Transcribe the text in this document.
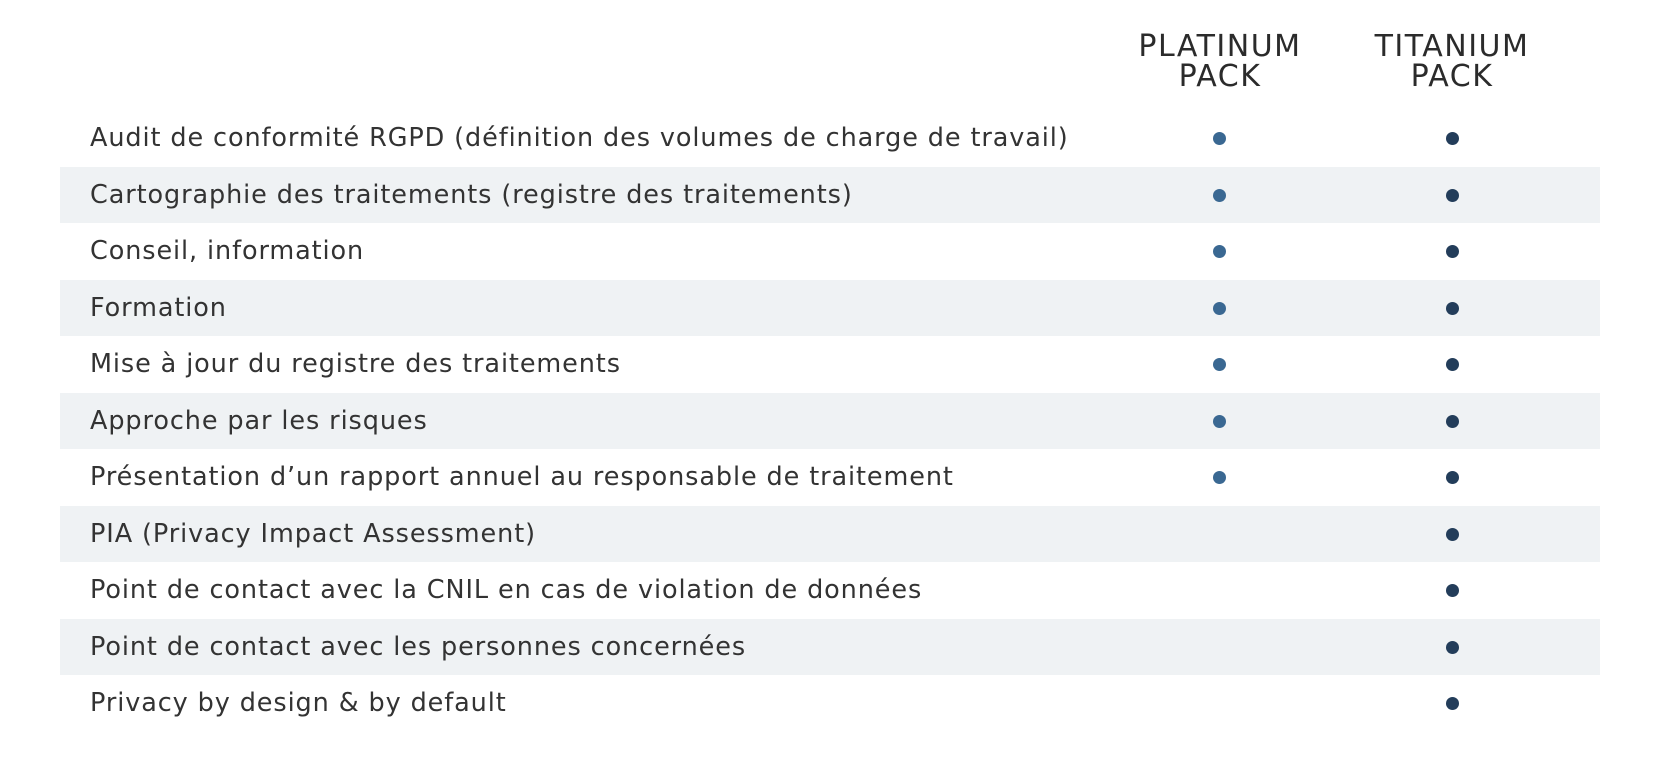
PLATINUM
PACK
TITANIUM
PACK
Audit de conformité RGPD (définition des volumes de charge de travail)
Cartographie des traitements (registre des traitements)
Conseil, information
Formation
Mise à jour du registre des traitements
Approche par les risques
Présentation d’un rapport annuel au responsable de traitement
PIA (Privacy Impact Assessment)
Point de contact avec la CNIL en cas de violation de données
Point de contact avec les personnes concernées
Privacy by design & by default
